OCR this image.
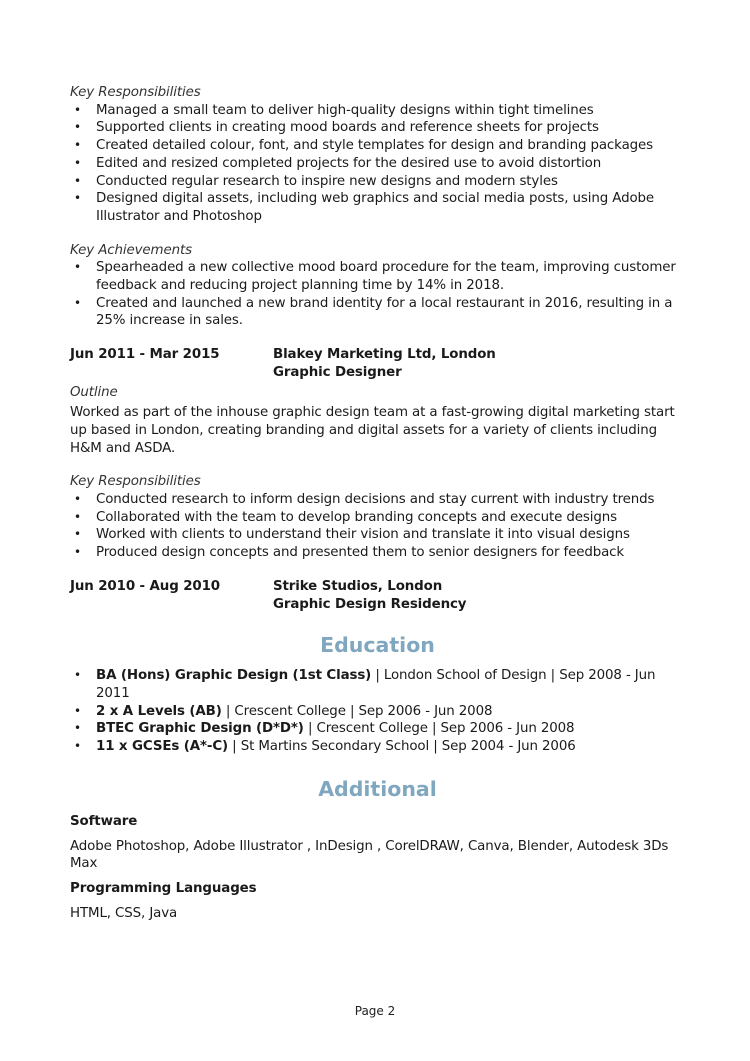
Key Responsibilities

• Managed a small team to deliver high-quality designs within tight timelines
• Supported clients in creating mood boards and reference sheets for projects
• Created detailed colour, font, and style templates for design and branding packages
• Edited and resized completed projects for the desired use to avoid distortion
• Conducted regular research to inspire new designs and modern styles
• Designed digital assets, including web graphics and social media posts, using Adobe Illustrator and Photoshop

Key Achievements

• Spearheaded a new collective mood board procedure for the team, improving customer feedback and reducing project planning time by 14% in 2018.
• Created and launched a new brand identity for a local restaurant in 2016, resulting in a 25% increase in sales.
Jun 2011 - Mar 2015	Blakey Marketing Ltd, London
Graphic Designer

Outline

Worked as part of the inhouse graphic design team at a fast-growing digital marketing start up based in London, creating branding and digital assets for a variety of clients including H&M and ASDA.

Key Responsibilities

• Conducted research to inform design decisions and stay current with industry trends
• Collaborated with the team to develop branding concepts and execute designs
• Worked with clients to understand their vision and translate it into visual designs
• Produced design concepts and presented them to senior designers for feedback
Jun 2010 - Aug 2010	Strike Studios, London
Graphic Design Residency
Education
• BA (Hons) Graphic Design (1st Class) | London School of Design | Sep 2008 - Jun 2011
• 2 x A Levels (AB) | Crescent College | Sep 2006 - Jun 2008
• BTEC Graphic Design (D*D*) | Crescent College | Sep 2006 - Jun 2008
• 11 x GCSEs (A*-C) | St Martins Secondary School | Sep 2004 - Jun 2006
Additional

Software

Adobe Photoshop, Adobe Illustrator , InDesign , CorelDRAW, Canva, Blender, Autodesk 3Ds Max

Programming Languages

HTML, CSS, Java

Page 2
